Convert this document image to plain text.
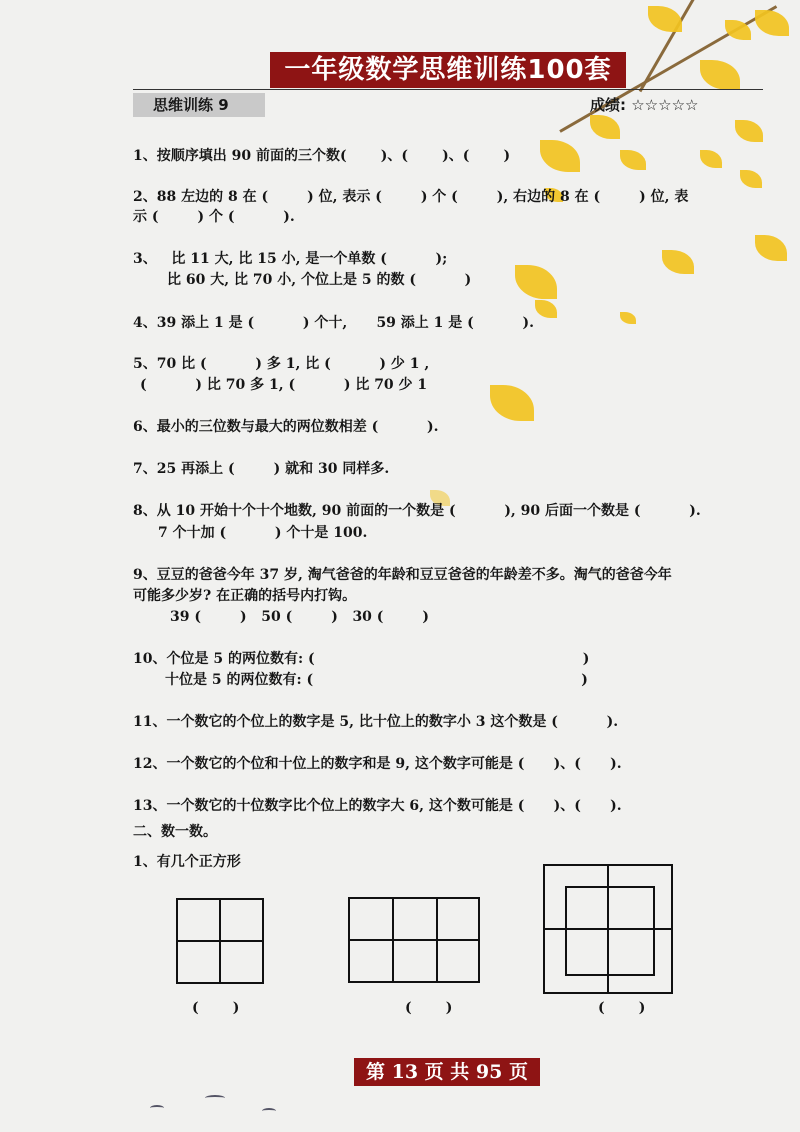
一年级数学思维训练100套
思维训练 9	成绩: ☆☆☆☆☆
1、按顺序填出 90 前面的三个数(       )、(       )、(       )
2、88 左边的 8 在 (        ) 位, 表示 (        ) 个 (        ), 右边的 8 在 (        ) 位, 表
示 (        ) 个 (          ).
3、   比 11 大, 比 15 小, 是一个单数 (          );
比 60 大, 比 70 小, 个位上是 5 的数 (          )
4、39 添上 1 是 (          ) 个十,      59 添上 1 是 (          ).
5、70 比 (          ) 多 1, 比 (          ) 少 1 ,
(          ) 比 70 多 1, (          ) 比 70 少 1
6、最小的三位数与最大的两位数相差 (          ).
7、25 再添上 (        ) 就和 30 同样多.
8、从 10 开始十个十个地数, 90 前面的一个数是 (          ), 90 后面一个数是 (          ).
7 个十加 (          ) 个十是 100.
9、豆豆的爸爸今年 37 岁, 淘气爸爸的年龄和豆豆爸爸的年龄差不多。淘气的爸爸今年
可能多少岁? 在正确的括号内打钩。
39 (        )   50 (        )   30 (        )
10、个位是 5 的两位数有: (                                                       )
十位是 5 的两位数有: (                                                       )
11、一个数它的个位上的数字是 5, 比十位上的数字小 3 这个数是 (          ).
12、一个数它的个位和十位上的数字和是 9, 这个数字可能是 (      )、(      ).
13、一个数它的十位数字比个位上的数字大 6, 这个数可能是 (      )、(      ).
二、数一数。
1、有几个正方形
(       )	(       )	(       )
第 13 页 共 95 页
